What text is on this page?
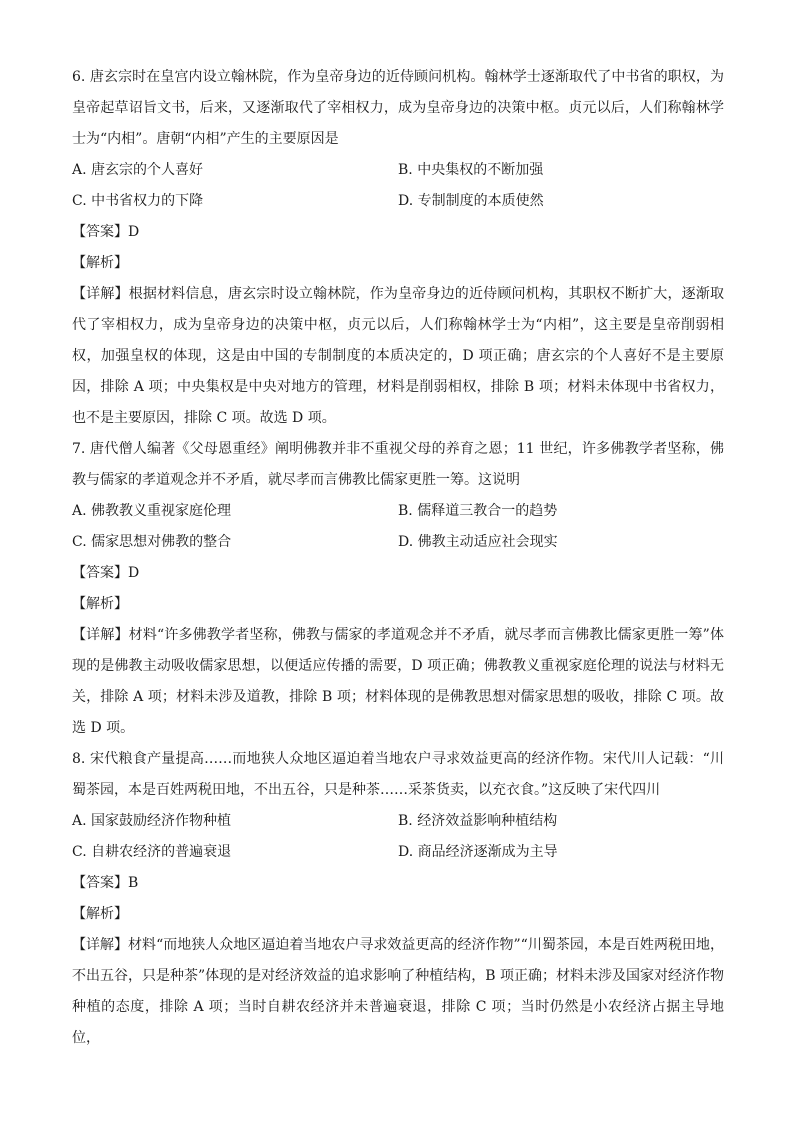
6. 唐玄宗时在皇宫内设立翰林院，作为皇帝身边的近侍顾问机构。翰林学士逐渐取代了中书省的职权，为皇帝起草诏旨文书，后来，又逐渐取代了宰相权力，成为皇帝身边的决策中枢。贞元以后，人们称翰林学士为“内相”。唐朝“内相”产生的主要原因是

A. 唐玄宗的个人喜好	B. 中央集权的不断加强
C. 中书省权力的下降	D. 专制制度的本质使然

【答案】D

【解析】

【详解】根据材料信息，唐玄宗时设立翰林院，作为皇帝身边的近侍顾问机构，其职权不断扩大，逐渐取代了宰相权力，成为皇帝身边的决策中枢，贞元以后，人们称翰林学士为“内相”，这主要是皇帝削弱相权，加强皇权的体现，这是由中国的专制制度的本质决定的，D 项正确；唐玄宗的个人喜好不是主要原因，排除 A 项；中央集权是中央对地方的管理，材料是削弱相权，排除 B 项；材料未体现中书省权力，也不是主要原因，排除 C 项。故选 D 项。

7. 唐代僧人编著《父母恩重经》阐明佛教并非不重视父母的养育之恩；11 世纪，许多佛教学者坚称，佛教与儒家的孝道观念并不矛盾，就尽孝而言佛教比儒家更胜一筹。这说明

A. 佛教教义重视家庭伦理	B. 儒释道三教合一的趋势
C. 儒家思想对佛教的整合	D. 佛教主动适应社会现实

【答案】D

【解析】

【详解】材料“许多佛教学者坚称，佛教与儒家的孝道观念并不矛盾，就尽孝而言佛教比儒家更胜一筹”体现的是佛教主动吸收儒家思想，以便适应传播的需要，D 项正确；佛教教义重视家庭伦理的说法与材料无关，排除 A 项；材料未涉及道教，排除 B 项；材料体现的是佛教思想对儒家思想的吸收，排除 C 项。故选 D 项。

8. 宋代粮食产量提高……而地狭人众地区逼迫着当地农户寻求效益更高的经济作物。宋代川人记载：“川蜀茶园，本是百姓两税田地，不出五谷，只是种茶……采茶货卖，以充衣食。”这反映了宋代四川

A. 国家鼓励经济作物种植	B. 经济效益影响种植结构
C. 自耕农经济的普遍衰退	D. 商品经济逐渐成为主导

【答案】B

【解析】

【详解】材料“而地狭人众地区逼迫着当地农户寻求效益更高的经济作物”“川蜀茶园，本是百姓两税田地，不出五谷，只是种茶”体现的是对经济效益的追求影响了种植结构，B 项正确；材料未涉及国家对经济作物种植的态度，排除 A 项；当时自耕农经济并未普遍衰退，排除 C 项；当时仍然是小农经济占据主导地位，
